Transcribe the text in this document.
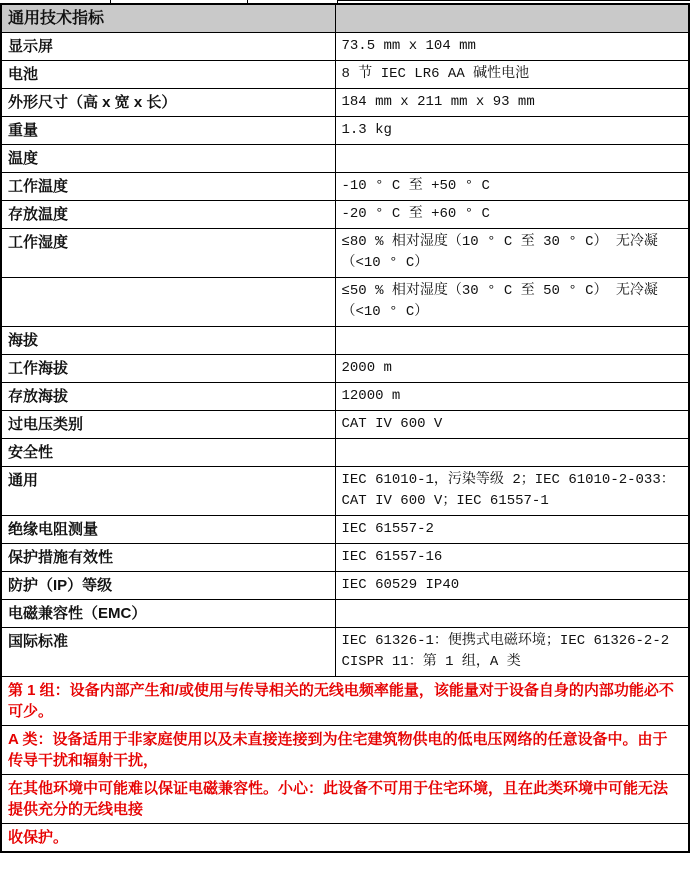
通用技术指标	
显示屏	73.5 mm x 104 mm
电池	8 节 IEC LR6 AA 碱性电池
外形尺寸（高 x 宽 x 长）	184 mm x 211 mm x 93 mm
重量	1.3 kg
温度	
工作温度	-10 ° C 至 +50 ° C
存放温度	-20 ° C 至 +60 ° C
工作湿度	≤80 % 相对湿度（10 ° C 至 30 ° C） 无冷凝（<10 ° C）
	≤50 % 相对湿度（30 ° C 至 50 ° C） 无冷凝（<10 ° C）
海拔	
工作海拔	2000 m
存放海拔	12000 m
过电压类别	CAT IV 600 V
安全性	
通用	IEC 61010-1，污染等级 2；IEC 61010-2-033：CAT IV 600 V；IEC 61557-1
绝缘电阻测量	IEC 61557-2
保护措施有效性	IEC 61557-16
防护（IP）等级	IEC 60529 IP40
电磁兼容性（EMC）	
国际标准	IEC 61326-1：便携式电磁环境；IEC 61326-2-2 CISPR 11：第 1 组，A 类
第 1 组：设备内部产生和/或使用与传导相关的无线电频率能量，该能量对于设备自身的内部功能必不可少。	
A 类：设备适用于非家庭使用以及未直接连接到为住宅建筑物供电的低电压网络的任意设备中。由于传导干扰和辐射干扰，	
在其他环境中可能难以保证电磁兼容性。小心：此设备不可用于住宅环境，且在此类环境中可能无法提供充分的无线电接	
收保护。	
